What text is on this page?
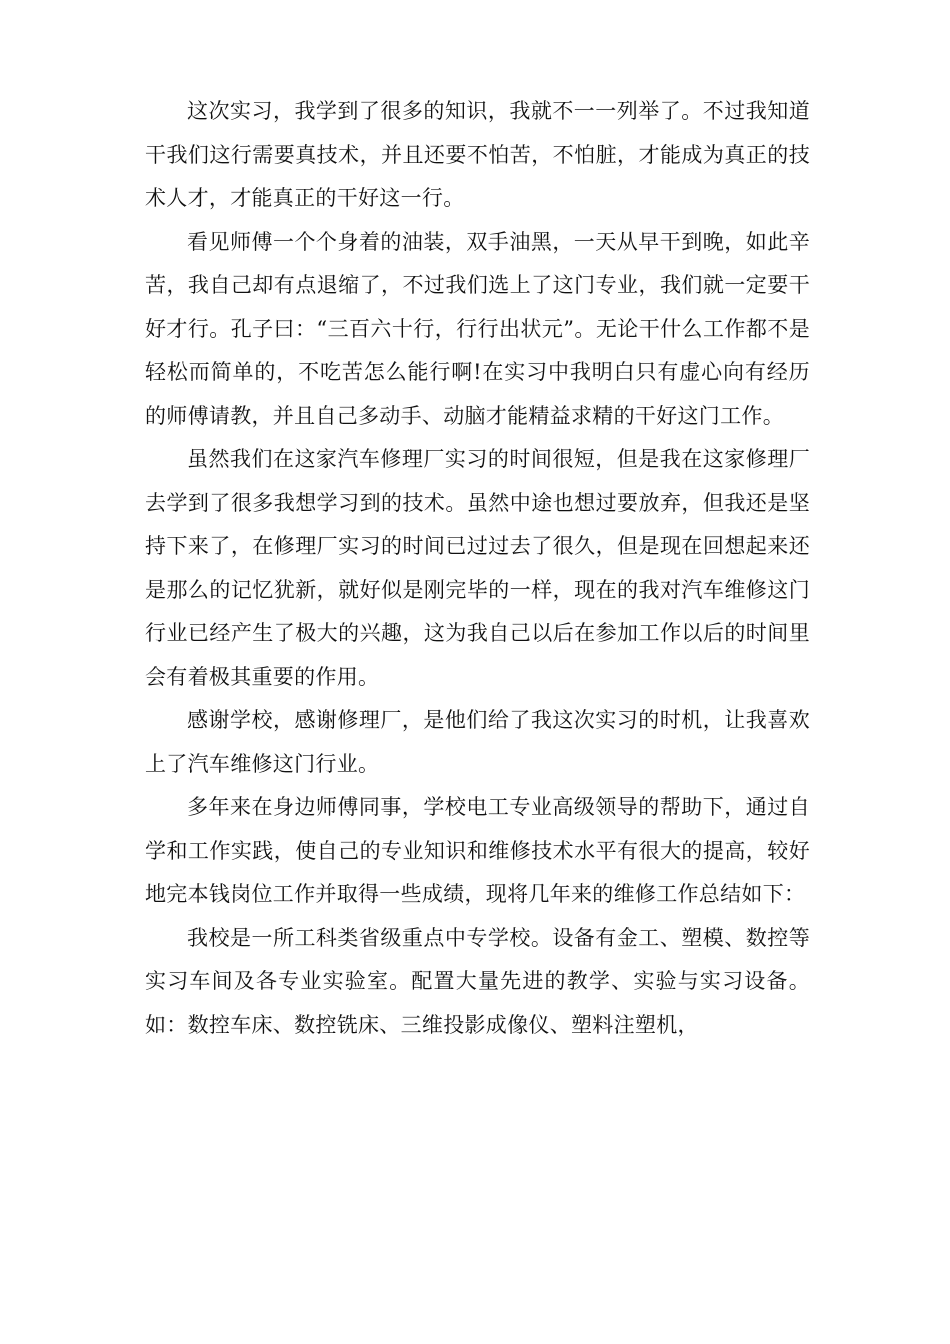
这次实习，我学到了很多的知识，我就不一一列举了。不过我知道干我们这行需要真技术，并且还要不怕苦，不怕脏，才能成为真正的技术人才，才能真正的干好这一行。

看见师傅一个个身着的油装，双手油黑，一天从早干到晚，如此辛苦，我自己却有点退缩了，不过我们选上了这门专业，我们就一定要干好才行。孔子曰：“三百六十行，行行出状元”。无论干什么工作都不是轻松而简单的，不吃苦怎么能行啊!在实习中我明白只有虚心向有经历的师傅请教，并且自己多动手、动脑才能精益求精的干好这门工作。

虽然我们在这家汽车修理厂实习的时间很短，但是我在这家修理厂去学到了很多我想学习到的技术。虽然中途也想过要放弃，但我还是坚持下来了，在修理厂实习的时间已过过去了很久，但是现在回想起来还是那么的记忆犹新，就好似是刚完毕的一样，现在的我对汽车维修这门行业已经产生了极大的兴趣，这为我自己以后在参加工作以后的时间里会有着极其重要的作用。

感谢学校，感谢修理厂，是他们给了我这次实习的时机，让我喜欢上了汽车维修这门行业。

多年来在身边师傅同事，学校电工专业高级领导的帮助下，通过自学和工作实践，使自己的专业知识和维修技术水平有很大的提高，较好地完本钱岗位工作并取得一些成绩，现将几年来的维修工作总结如下：

我校是一所工科类省级重点中专学校。设备有金工、塑模、数控等实习车间及各专业实验室。配置大量先进的教学、实验与实习设备。如：数控车床、数控铣床、三维投影成像仪、塑料注塑机，
